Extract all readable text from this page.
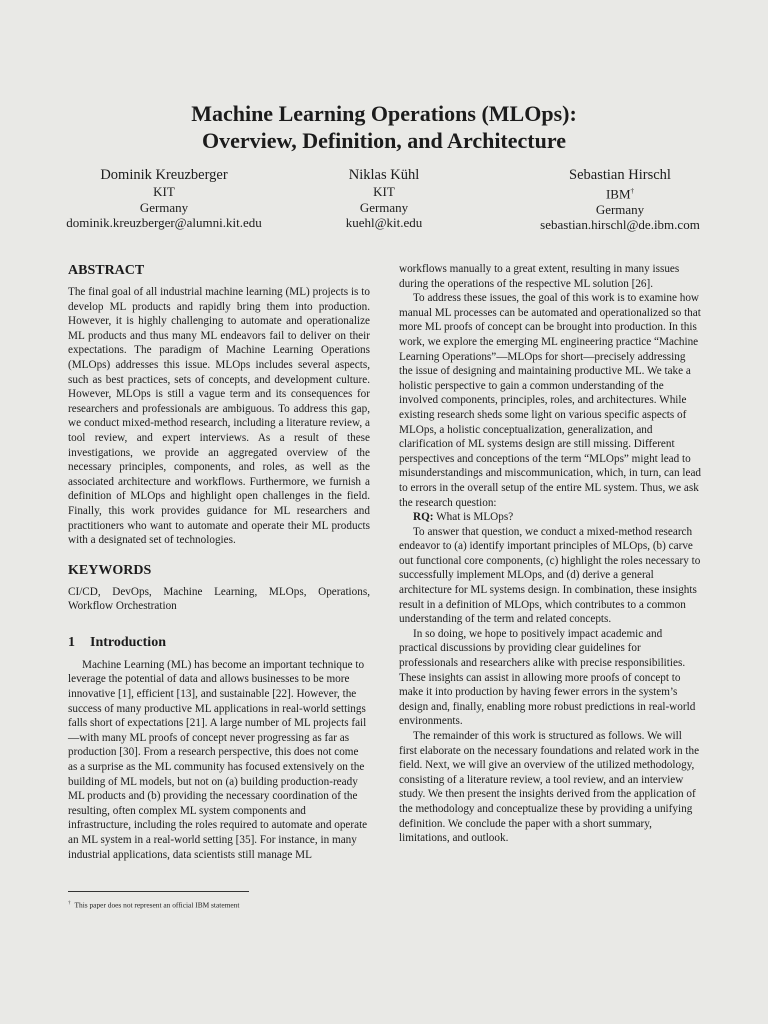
Machine Learning Operations (MLOps):
Overview, Definition, and Architecture
Dominik Kreuzberger
KIT
Germany
dominik.kreuzberger@alumni.kit.edu
Niklas Kühl
KIT
Germany
kuehl@kit.edu
Sebastian Hirschl
IBM†
Germany
sebastian.hirschl@de.ibm.com
ABSTRACT

The final goal of all industrial machine learning (ML) projects is to develop ML products and rapidly bring them into production. However, it is highly challenging to automate and operationalize ML products and thus many ML endeavors fail to deliver on their expectations. The paradigm of Machine Learning Operations (MLOps) addresses this issue. MLOps includes several aspects, such as best practices, sets of concepts, and development culture. However, MLOps is still a vague term and its consequences for researchers and professionals are ambiguous. To address this gap, we conduct mixed-method research, including a literature review, a tool review, and expert interviews. As a result of these investigations, we provide an aggregated overview of the necessary principles, components, and roles, as well as the associated architecture and workflows. Furthermore, we furnish a definition of MLOps and highlight open challenges in the field. Finally, this work provides guidance for ML researchers and practitioners who want to automate and operate their ML products with a designated set of technologies.

KEYWORDS

CI/CD, DevOps, Machine Learning, MLOps, Operations, Workflow Orchestration

1 Introduction

Machine Learning (ML) has become an important technique to leverage the potential of data and allows businesses to be more innovative [1], efficient [13], and sustainable [22]. However, the success of many productive ML applications in real-world settings falls short of expectations [21]. A large number of ML projects fail—with many ML proofs of concept never progressing as far as production [30]. From a research perspective, this does not come as a surprise as the ML community has focused extensively on the building of ML models, but not on (a) building production-ready ML products and (b) providing the necessary coordination of the resulting, often complex ML system components and infrastructure, including the roles required to automate and operate an ML system in a real-world setting [35]. For instance, in many industrial applications, data scientists still manage ML

workflows manually to a great extent, resulting in many issues during the operations of the respective ML solution [26].

To address these issues, the goal of this work is to examine how manual ML processes can be automated and operationalized so that more ML proofs of concept can be brought into production. In this work, we explore the emerging ML engineering practice “Machine Learning Operations”—MLOps for short—precisely addressing the issue of designing and maintaining productive ML. We take a holistic perspective to gain a common understanding of the involved components, principles, roles, and architectures. While existing research sheds some light on various specific aspects of MLOps, a holistic conceptualization, generalization, and clarification of ML systems design are still missing. Different perspectives and conceptions of the term “MLOps” might lead to misunderstandings and miscommunication, which, in turn, can lead to errors in the overall setup of the entire ML system. Thus, we ask the research question:

RQ: What is MLOps?

To answer that question, we conduct a mixed-method research endeavor to (a) identify important principles of MLOps, (b) carve out functional core components, (c) highlight the roles necessary to successfully implement MLOps, and (d) derive a general architecture for ML systems design. In combination, these insights result in a definition of MLOps, which contributes to a common understanding of the term and related concepts.

In so doing, we hope to positively impact academic and practical discussions by providing clear guidelines for professionals and researchers alike with precise responsibilities. These insights can assist in allowing more proofs of concept to make it into production by having fewer errors in the system’s design and, finally, enabling more robust predictions in real-world environments.

The remainder of this work is structured as follows. We will first elaborate on the necessary foundations and related work in the field. Next, we will give an overview of the utilized methodology, consisting of a literature review, a tool review, and an interview study. We then present the insights derived from the application of the methodology and conceptualize these by providing a unifying definition. We conclude the paper with a short summary, limitations, and outlook.

† This paper does not represent an official IBM statement
